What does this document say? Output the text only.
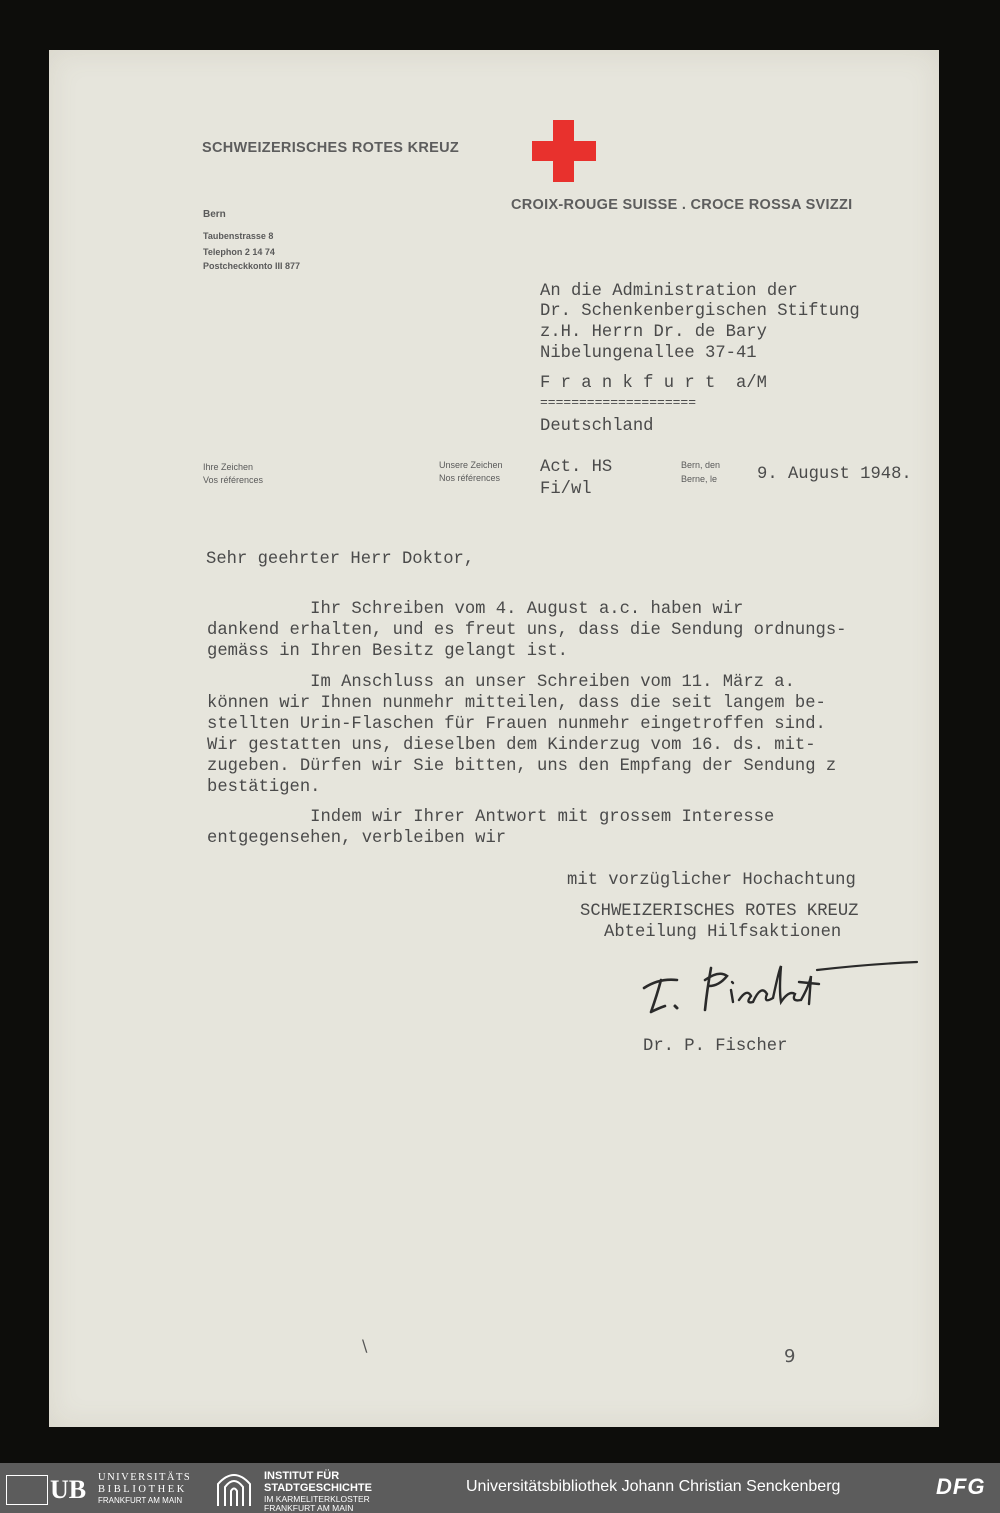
SCHWEIZERISCHES ROTES KREUZ
CROIX-ROUGE SUISSE . CROCE ROSSA SVIZZI
Bern
Taubenstrasse 8
Telephon 2 14 74
Postcheckkonto III 877
An die Administration der
Dr. Schenkenbergischen Stiftung
z.H. Herrn Dr. de Bary
Nibelungenallee 37-41
F r a n k f u r t  a/M
====================
Deutschland
Ihre Zeichen
Vos références
Unsere Zeichen
Nos références
Act. HS
Fi/wl
Bern, den
Berne, le 9. August 1948.
Sehr geehrter Herr Doktor,
Ihr Schreiben vom 4. August a.c. haben wir
dankend erhalten, und es freut uns, dass die Sendung ordnungs-
gemäss in Ihren Besitz gelangt ist.
Im Anschluss an unser Schreiben vom 11. März a.
können wir Ihnen nunmehr mitteilen, dass die seit langem be-
stellten Urin-Flaschen für Frauen nunmehr eingetroffen sind.
Wir gestatten uns, dieselben dem Kinderzug vom 16. ds. mit-
zugeben. Dürfen wir Sie bitten, uns den Empfang der Sendung z
bestätigen.
Indem wir Ihrer Antwort mit grossem Interesse
entgegensehen, verbleiben wir
mit vorzüglicher Hochachtung
SCHWEIZERISCHES ROTES KREUZ
Abteilung Hilfsaktionen
Dr. P. Fischer
\
9
UB UNIVERSITÄTS
BIBLIOTHEK
FRANKFURT AM MAIN
INSTITUT FÜR
STADTGESCHICHTE
IM KARMELITERKLOSTER
FRANKFURT AM MAIN
Universitätsbibliothek Johann Christian Senckenberg	DFG
